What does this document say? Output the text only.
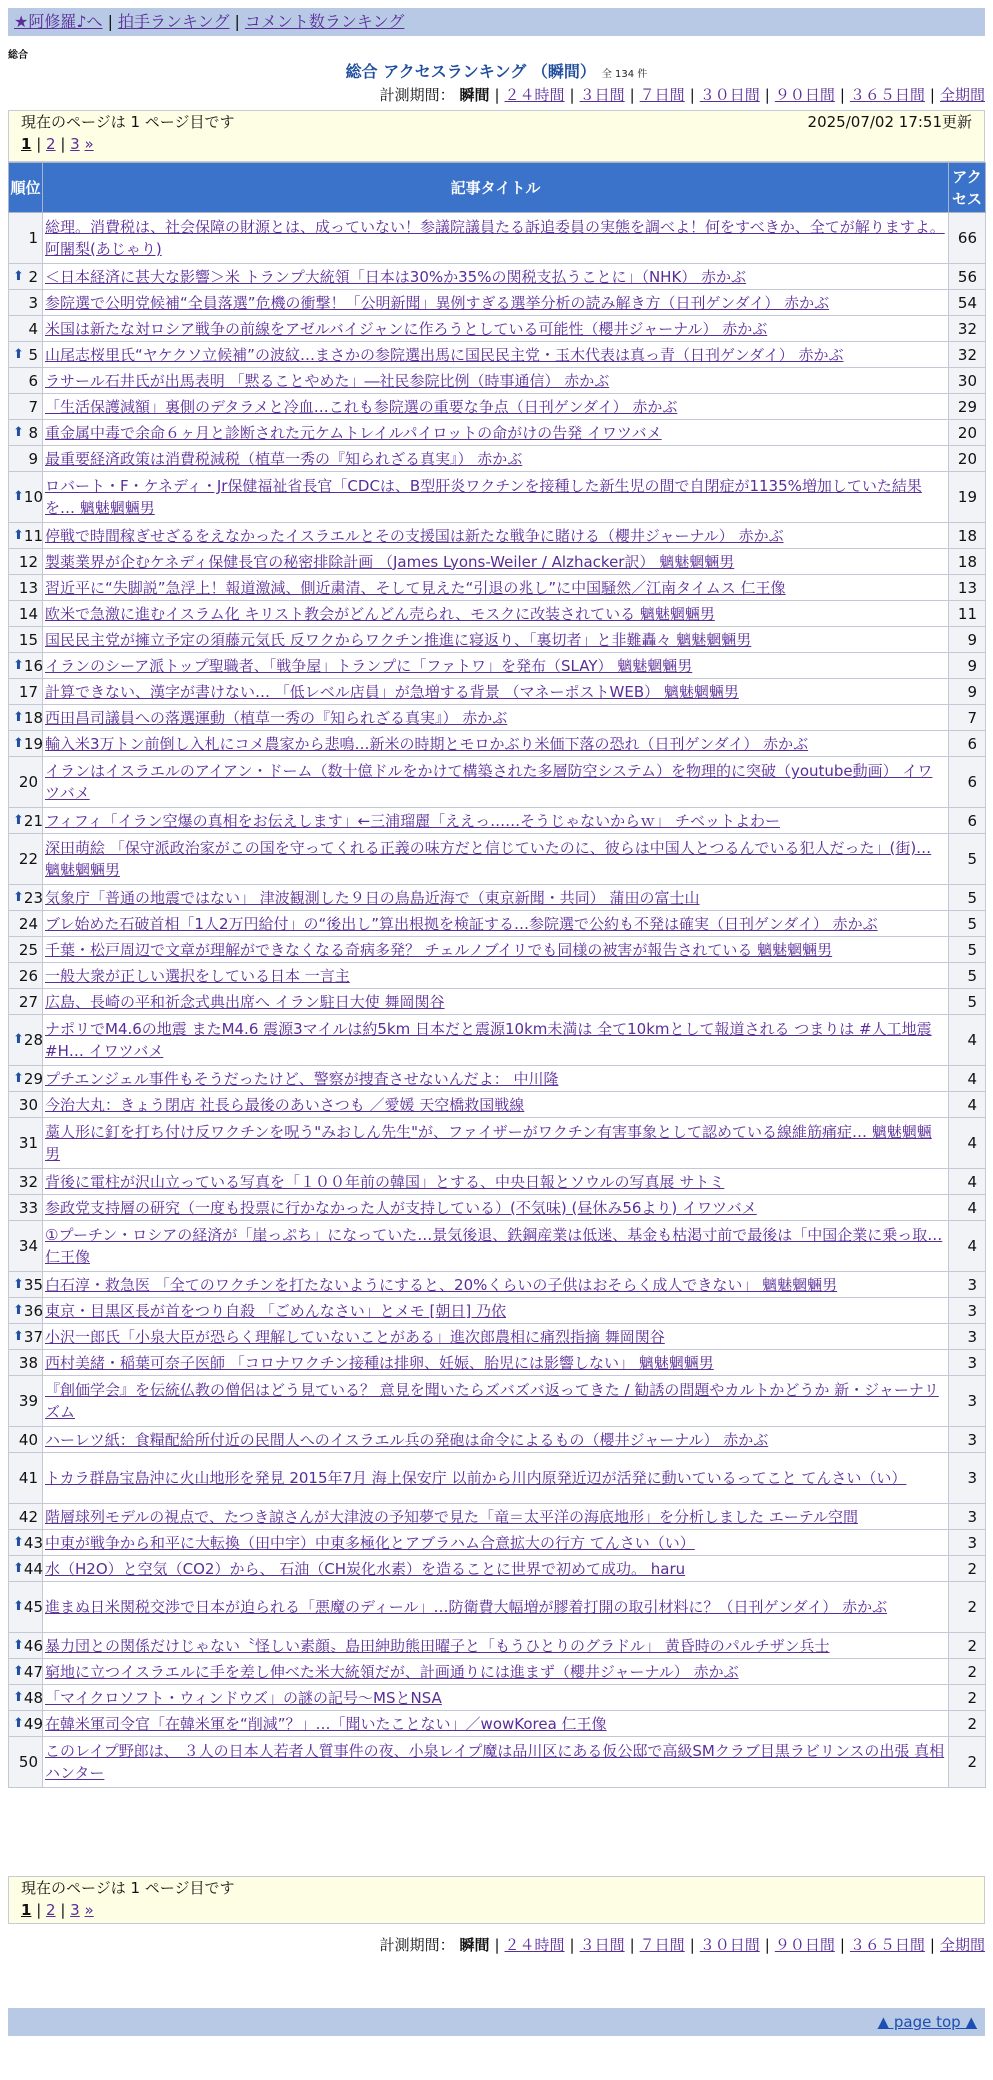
★阿修羅♪へ | 拍手ランキング | コメント数ランキング
総合
総合 アクセスランキング （瞬間） 全 134 件
計測期間： 瞬間 | ２４時間 | ３日間 | ７日間 | ３０日間 | ９０日間 | ３６５日間 | 全期間
現在のページは 1 ページ目です	2025/07/02 17:51更新
1 | 2 | 3 »
順位	記事タイトル	アクセス
1	総理。消費税は、社会保障の財源とは、成っていない！参議院議員たる訴追委員の実態を調べよ！何をすべきか、全てが解りますよ。 阿闍梨(あじゃり)	66

⬆ 2	＜日本経済に甚大な影響＞米 トランプ大統領「日本は30%か35%の関税支払うことに」（NHK） 赤かぶ	56
3	参院選で公明党候補“全員落選”危機の衝撃！「公明新聞」異例すぎる選挙分析の読み解き方（日刊ゲンダイ） 赤かぶ	54
4	米国は新たな対ロシア戦争の前線をアゼルバイジャンに作ろうとしている可能性（櫻井ジャーナル） 赤かぶ	32

⬆ 5	山尾志桜里氏“ヤケクソ立候補”の波紋…まさかの参院選出馬に国民民主党・玉木代表は真っ青（日刊ゲンダイ） 赤かぶ	32
6	ラサール石井氏が出馬表明 「黙ることやめた」―社民参院比例（時事通信） 赤かぶ	30
7	「生活保護減額」裏側のデタラメと冷血…これも参院選の重要な争点（日刊ゲンダイ） 赤かぶ	29

⬆ 8	重金属中毒で余命６ヶ月と診断された元ケムトレイルパイロットの命がけの告発 イワツバメ	20
9	最重要経済政策は消費税減税（植草一秀の『知られざる真実』） 赤かぶ	20

⬆ 10	ロバート・F・ケネディ・Jr保健福祉省長官「CDCは、B型肝炎ワクチンを接種した新生児の間で自閉症が1135%増加していた結果を… 魑魅魍魎男	19

⬆ 11	停戦で時間稼ぎせざるをえなかったイスラエルとその支援国は新たな戦争に賭ける（櫻井ジャーナル） 赤かぶ	18
12	製薬業界が企むケネディ保健長官の秘密排除計画 （James Lyons-Weiler / Alzhacker訳） 魑魅魍魎男	18
13	習近平に“失脚説”急浮上！報道激減、側近粛清、そして見えた“引退の兆し”に中国騒然／江南タイムス 仁王像	13
14	欧米で急激に進むイスラム化 キリスト教会がどんどん売られ、モスクに改装されている 魑魅魍魎男	11
15	国民民主党が擁立予定の須藤元気氏 反ワクからワクチン推進に寝返り、「裏切者」と非難轟々 魑魅魍魎男	9

⬆ 16	イランのシーア派トップ聖職者、「戦争屋」トランプに「ファトワ」を発布（SLAY） 魑魅魍魎男	9
17	計算できない、漢字が書けない… 「低レベル店員」が急増する背景 （マネーポストWEB） 魑魅魍魎男	9

⬆ 18	西田昌司議員への落選運動（植草一秀の『知られざる真実』） 赤かぶ	7

⬆ 19	輸入米3万トン前倒し入札にコメ農家から悲鳴…新米の時期とモロかぶり米価下落の恐れ（日刊ゲンダイ） 赤かぶ	6
20	イランはイスラエルのアイアン・ドーム（数十億ドルをかけて構築された多層防空システム）を物理的に突破（youtube動画） イワツバメ	6

⬆ 21	フィフィ「イラン空爆の真相をお伝えします」←三浦瑠麗「ええっ……そうじゃないからｗ」 チベットよわー	6
22	深田萌絵 「保守派政治家がこの国を守ってくれる正義の味方だと信じていたのに、彼らは中国人とつるんでいる犯人だった」(街)… 魑魅魍魎男	5

⬆ 23	気象庁「普通の地震ではない」 津波観測した９日の鳥島近海で（東京新聞・共同） 蒲田の富士山	5
24	ブレ始めた石破首相「1人2万円給付」の“後出し”算出根拠を検証する…参院選で公約も不発は確実（日刊ゲンダイ） 赤かぶ	5
25	千葉・松戸周辺で文章が理解ができなくなる奇病多発？ チェルノブイリでも同様の被害が報告されている 魑魅魍魎男	5
26	一般大衆が正しい選択をしている日本 一言主	5
27	広島、長崎の平和祈念式典出席へ イラン駐日大使 舞岡関谷	5

⬆ 28	ナポリでM4.6の地震 またM4.6 震源3マイルは約5km 日本だと震源10km未満は 全て10kmとして報道される つまりは #人工地震 #H… イワツバメ	4

⬆ 29	プチエンジェル事件もそうだったけど、警察が捜査させないんだよ： 中川隆	4
30	今治大丸：きょう閉店 社長ら最後のあいさつも ／愛媛 天空橋救国戦線	4
31	藁人形に釘を打ち付け反ワクチンを呪う"みおしん先生"が、ファイザーがワクチン有害事象として認めている線維筋痛症… 魑魅魍魎男	4
32	背後に電柱が沢山立っている写真を「１００年前の韓国」とする、中央日報とソウルの写真展 サトミ	4
33	参政党支持層の研究（一度も投票に行かなかった人が支持している）(不気味) (昼休み56より) イワツバメ	4
34	①プーチン・ロシアの経済が「崖っぷち」になっていた…景気後退、鉄鋼産業は低迷、基金も枯渇寸前で最後は「中国企業に乗っ取… 仁王像	4

⬆ 35	白石淳・救急医 「全てのワクチンを打たないようにすると、20%くらいの子供はおそらく成人できない」 魑魅魍魎男	3

⬆ 36	東京・目黒区長が首をつり自殺 「ごめんなさい」とメモ [朝日] 乃依	3

⬆ 37	小沢一郎氏「小泉大臣が恐らく理解していないことがある」進次郎農相に痛烈指摘 舞岡関谷	3
38	西村美緒・稲葉可奈子医師 「コロナワクチン接種は排卵、妊娠、胎児には影響しない」 魑魅魍魎男	3
39	『創価学会』を伝統仏教の僧侶はどう見ている？ 意見を聞いたらズバズバ返ってきた / 勧誘の問題やカルトかどうか 新・ジャーナリズム	3
40	ハーレツ紙：食糧配給所付近の民間人へのイスラエル兵の発砲は命令によるもの（櫻井ジャーナル） 赤かぶ	3
41	トカラ群島宝島沖に火山地形を発見 2015年7月 海上保安庁 以前から川内原発近辺が活発に動いているってこと てんさい（い）	3
42	階層球列モデルの視点で、たつき諒さんが大津波の予知夢で見た「竜＝太平洋の海底地形」を分析しました エーテル空間	3

⬆ 43	中東が戦争から和平に大転換（田中宇）中東多極化とアブラハム合意拡大の行方 てんさい（い）	3

⬆ 44	水（H2O）と空気（CO2）から、 石油（CH炭化水素）を造ることに世界で初めて成功。 haru	2

⬆ 45	進まぬ日米関税交渉で日本が迫られる「悪魔のディール」…防衛費大幅増が膠着打開の取引材料に？（日刊ゲンダイ） 赤かぶ	2

⬆ 46	暴力団との関係だけじゃない〝怪しい素顔〟島田紳助熊田曜子と「もうひとりのグラドル」 黄昏時のパルチザン兵士	2

⬆ 47	窮地に立つイスラエルに手を差し伸べた米大統領だが、計画通りには進まず（櫻井ジャーナル） 赤かぶ	2

⬆ 48	「マイクロソフト・ウィンドウズ」の謎の記号〜MSとNSA	2

⬆ 49	在韓米軍司令官「在韓米軍を“削減”？」…「聞いたことない」／wowKorea 仁王像	2
50	このレイプ野郎は、 ３人の日本人若者人質事件の夜、小泉レイプ魔は品川区にある仮公邸で高級SMクラブ目黒ラビリンスの出張 真相ハンター	2
現在のページは 1 ページ目です
1 | 2 | 3 »
計測期間： 瞬間 | ２４時間 | ３日間 | ７日間 | ３０日間 | ９０日間 | ３６５日間 | 全期間
▲ page top ▲
